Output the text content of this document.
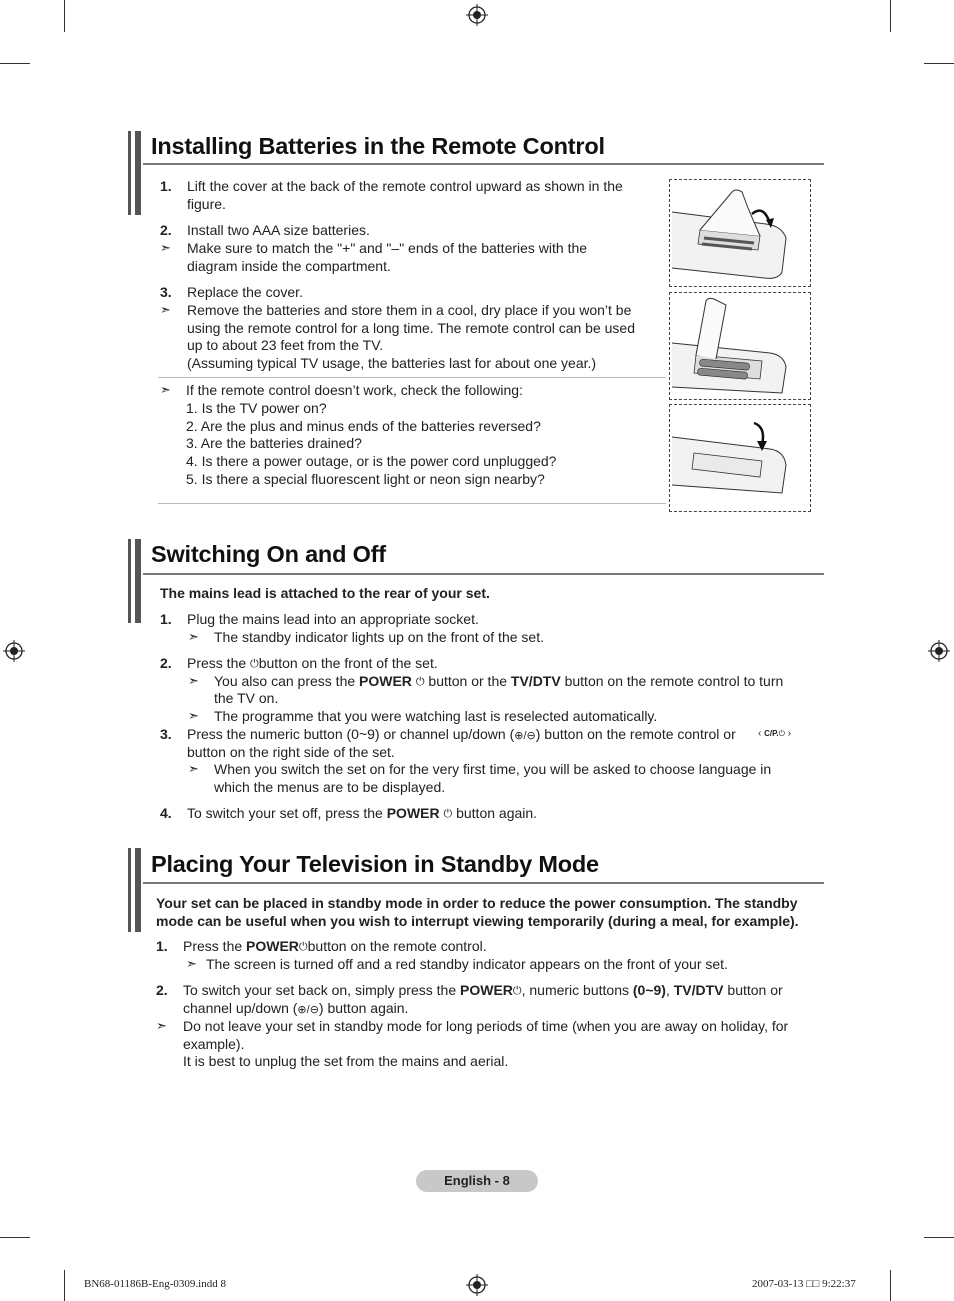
Installing Batteries in the Remote Control
1. Lift the cover at the back of the remote control upward as shown in the
figure.
2. Install two AAA size batteries.
➣ Make sure to match the "+" and "–" ends of the batteries with the
diagram inside the compartment.
3. Replace the cover.
➣ Remove the batteries and store them in a cool, dry place if you won’t be
using the remote control for a long time. The remote control can be used
up to about 23 feet from the TV.
(Assuming typical TV usage, the batteries last for about one year.)
➣ If the remote control doesn’t work, check the following:
1. Is the TV power on?
2. Are the plus and minus ends of the batteries reversed?
3. Are the batteries drained?
4. Is there a power outage, or is the power cord unplugged?
5. Is there a special fluorescent light or neon sign nearby?
Switching On and Off
The mains lead is attached to the rear of your set.
1. Plug the mains lead into an appropriate socket.
➣ The standby indicator lights up on the front of the set.
2. Press the ⏻button on the front of the set.
➣ You also can press the POWER ⏻ button or the TV/DTV button on the remote control to turn
the TV on.
➣ The programme that you were watching last is reselected automatically.
3. Press the numeric button (0~9) or channel up/down (⊕/⊖) button on the remote control or ‹ C/P.⏻ ›
button on the right side of the set.
➣ When you switch the set on for the very first time, you will be asked to choose language in
which the menus are to be displayed.
4. To switch your set off, press the POWER ⏻ button again.
Placing Your Television in Standby Mode
Your set can be placed in standby mode in order to reduce the power consumption. The standby
mode can be useful when you wish to interrupt viewing temporarily (during a meal, for example).
1. Press the POWER⏻button on the remote control.
➣ The screen is turned off and a red standby indicator appears on the front of your set.
2. To switch your set back on, simply press the POWER⏻, numeric buttons (0~9), TV/DTV button or
channel up/down (⊕/⊖) button again.
➣ Do not leave your set in standby mode for long periods of time (when you are away on holiday, for
example).
It is best to unplug the set from the mains and aerial.
English - 8
BN68-01186B-Eng-0309.indd 8	2007-03-13 □□ 9:22:37
